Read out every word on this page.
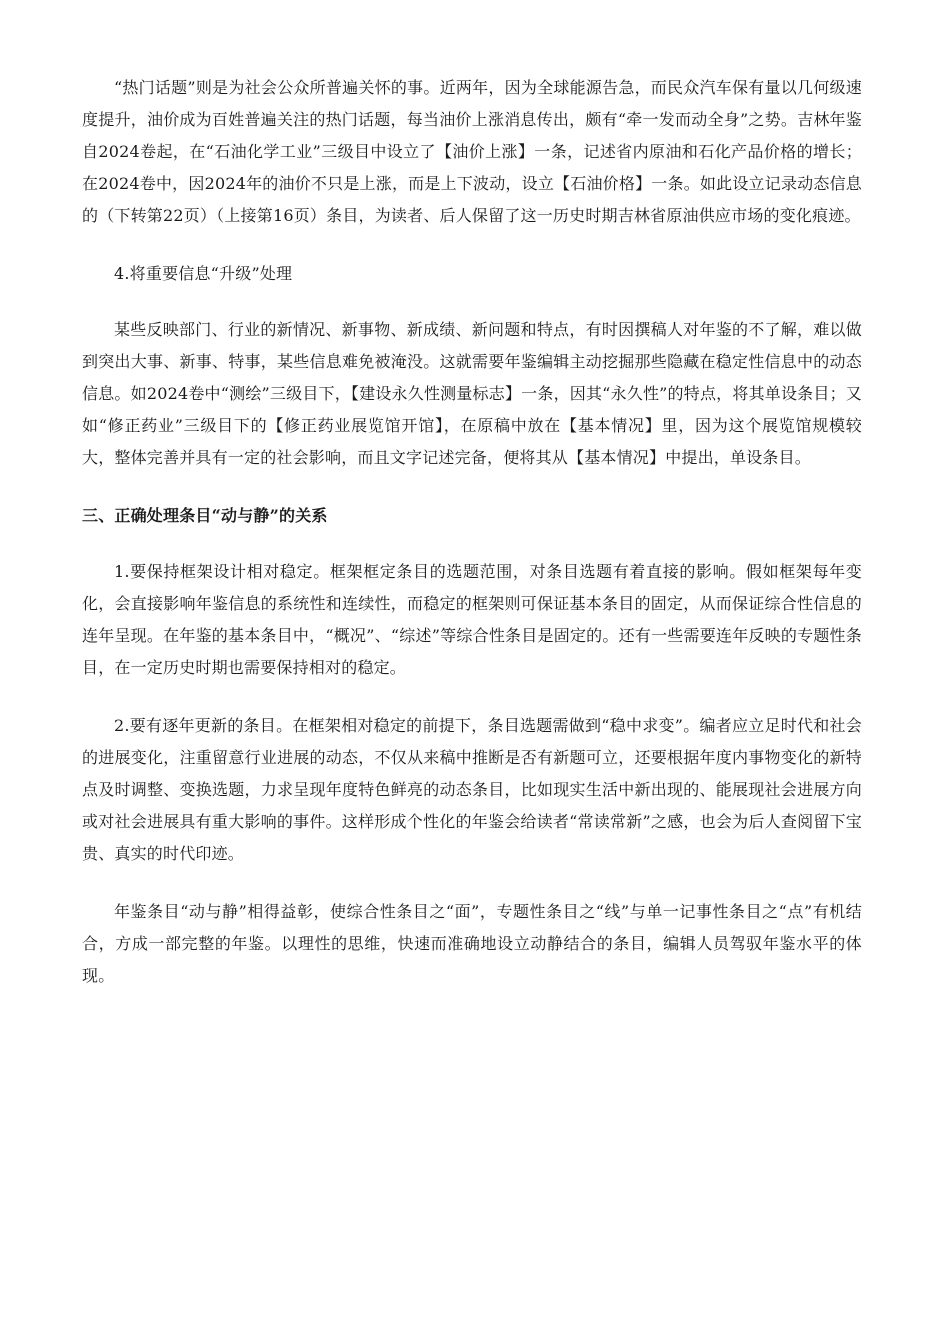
“热门话题”则是为社会公众所普遍关怀的事。近两年，因为全球能源告急，而民众汽车保有量以几何级速度提升，油价成为百姓普遍关注的热门话题，每当油价上涨消息传出，颇有“牵一发而动全身”之势。吉林年鉴自2024卷起，在“石油化学工业”三级目中设立了【油价上涨】一条，记述省内原油和石化产品价格的增长；在2024卷中，因2024年的油价不只是上涨，而是上下波动，设立【石油价格】一条。如此设立记录动态信息的（下转第22页）（上接第16页）条目，为读者、后人保留了这一历史时期吉林省原油供应市场的变化痕迹。

4.将重要信息“升级”处理

某些反映部门、行业的新情况、新事物、新成绩、新问题和特点，有时因撰稿人对年鉴的不了解，难以做到突出大事、新事、特事，某些信息难免被淹没。这就需要年鉴编辑主动挖掘那些隐藏在稳定性信息中的动态信息。如2024卷中“测绘”三级目下，【建设永久性测量标志】一条，因其“永久性”的特点，将其单设条目；又如“修正药业”三级目下的【修正药业展览馆开馆】，在原稿中放在【基本情况】里，因为这个展览馆规模较大，整体完善并具有一定的社会影响，而且文字记述完备，便将其从【基本情况】中提出，单设条目。

三、正确处理条目“动与静”的关系

1.要保持框架设计相对稳定。框架框定条目的选题范围，对条目选题有着直接的影响。假如框架每年变化，会直接影响年鉴信息的系统性和连续性，而稳定的框架则可保证基本条目的固定，从而保证综合性信息的连年呈现。在年鉴的基本条目中，“概况”、“综述”等综合性条目是固定的。还有一些需要连年反映的专题性条目，在一定历史时期也需要保持相对的稳定。

2.要有逐年更新的条目。在框架相对稳定的前提下，条目选题需做到“稳中求变”。编者应立足时代和社会的进展变化，注重留意行业进展的动态，不仅从来稿中推断是否有新题可立，还要根据年度内事物变化的新特点及时调整、变换选题，力求呈现年度特色鲜亮的动态条目，比如现实生活中新出现的、能展现社会进展方向或对社会进展具有重大影响的事件。这样形成个性化的年鉴会给读者“常读常新”之感，也会为后人查阅留下宝贵、真实的时代印迹。

年鉴条目“动与静”相得益彰，使综合性条目之“面”，专题性条目之“线”与单一记事性条目之“点”有机结合，方成一部完整的年鉴。以理性的思维，快速而准确地设立动静结合的条目，编辑人员驾驭年鉴水平的体现。
